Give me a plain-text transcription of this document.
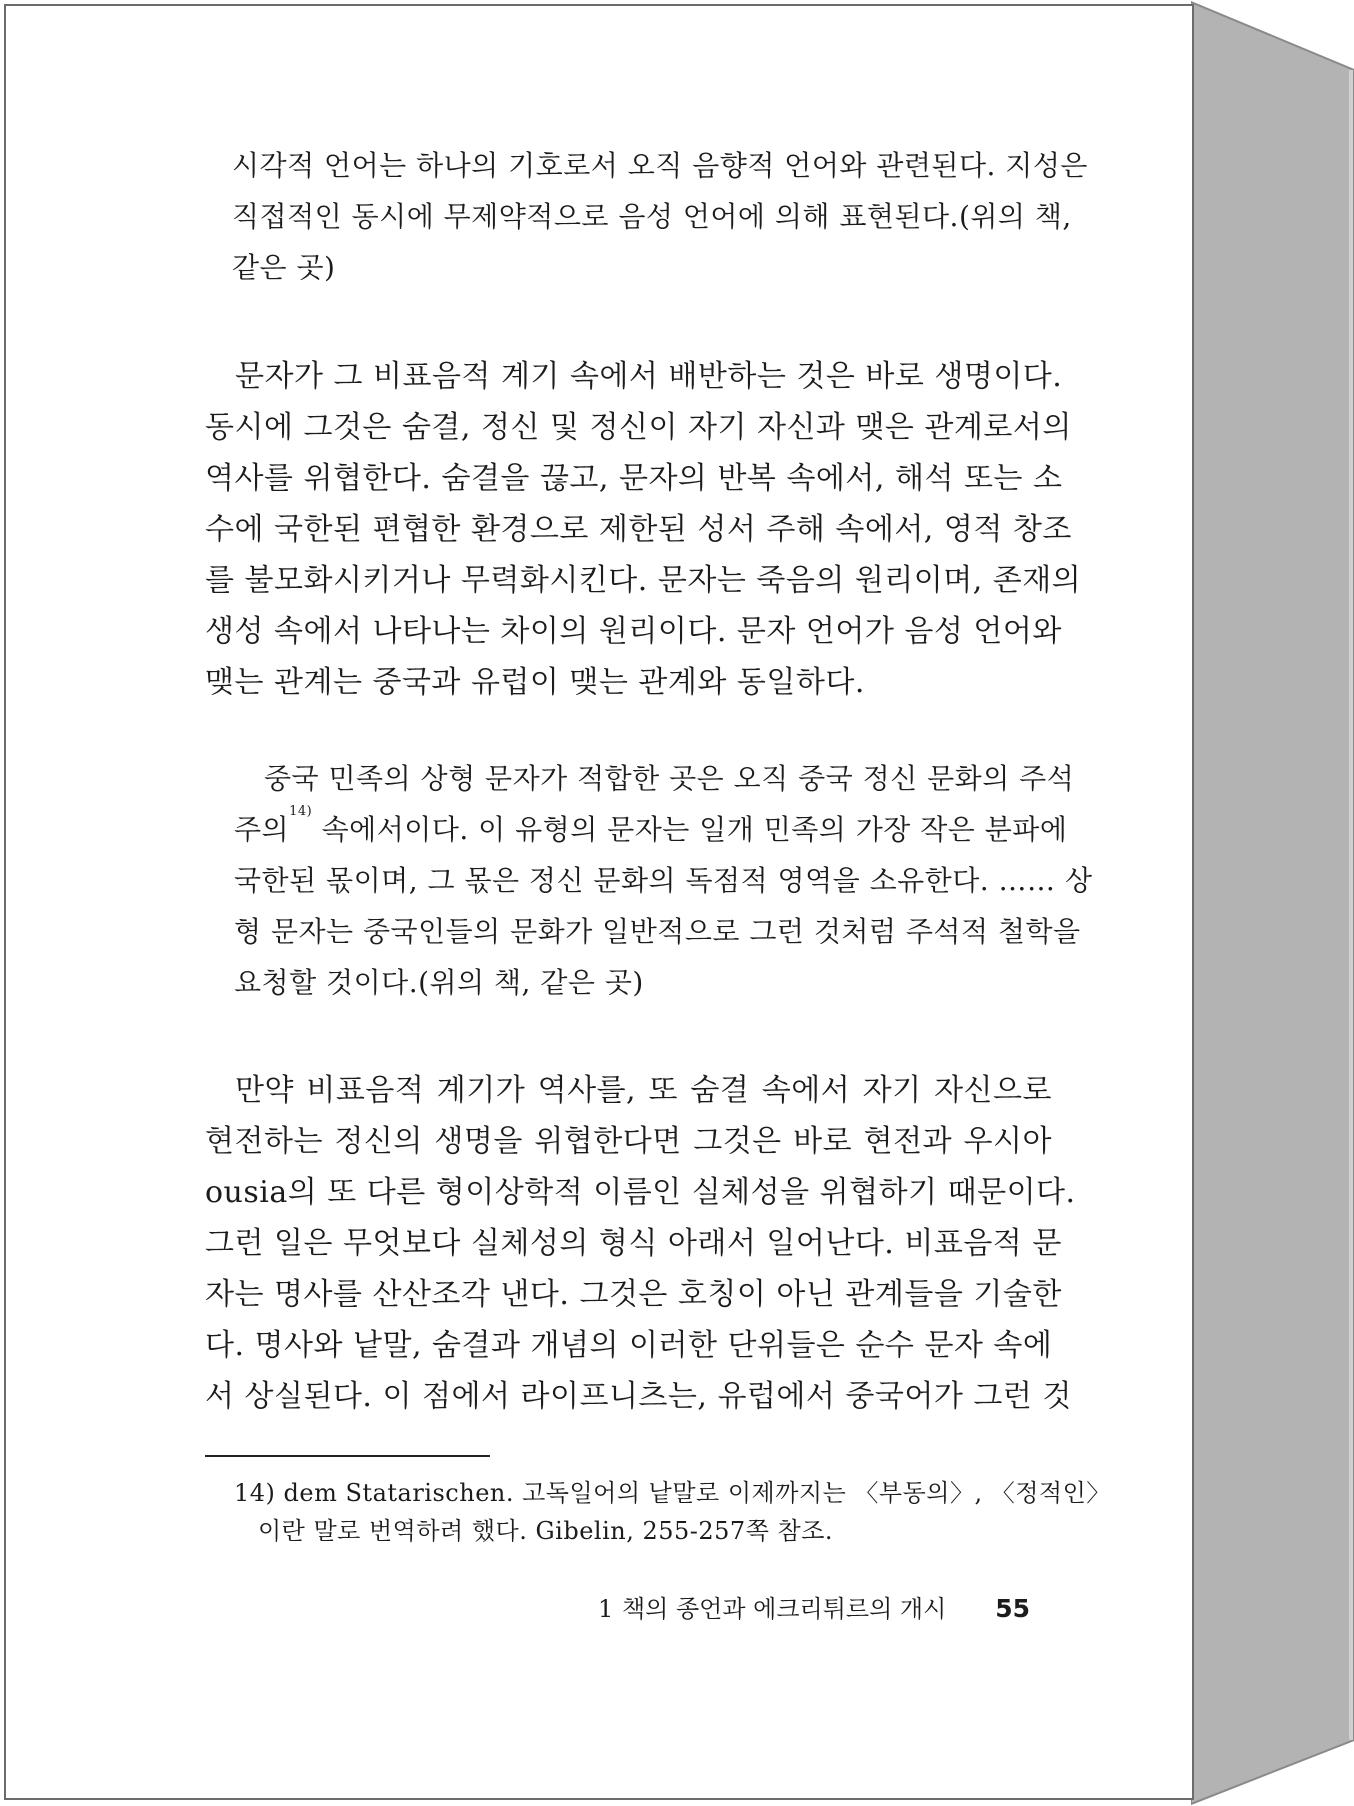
시각적 언어는 하나의 기호로서 오직 음향적 언어와 관련된다. 지성은
직접적인 동시에 무제약적으로 음성 언어에 의해 표현된다.(위의 책,
같은 곳)
문자가 그 비표음적 계기 속에서 배반하는 것은 바로 생명이다.
동시에 그것은 숨결, 정신 및 정신이 자기 자신과 맺은 관계로서의
역사를 위협한다. 숨결을 끊고, 문자의 반복 속에서, 해석 또는 소
수에 국한된 편협한 환경으로 제한된 성서 주해 속에서, 영적 창조
를 불모화시키거나 무력화시킨다. 문자는 죽음의 원리이며, 존재의
생성 속에서 나타나는 차이의 원리이다. 문자 언어가 음성 언어와
맺는 관계는 중국과 유럽이 맺는 관계와 동일하다.
중국 민족의 상형 문자가 적합한 곳은 오직 중국 정신 문화의 주석
주의$^{14)}$ 속에서이다. 이 유형의 문자는 일개 민족의 가장 작은 분파에
국한된 몫이며, 그 몫은 정신 문화의 독점적 영역을 소유한다. …… 상
형 문자는 중국인들의 문화가 일반적으로 그런 것처럼 주석적 철학을
요청할 것이다.(위의 책, 같은 곳)
만약 비표음적 계기가 역사를, 또 숨결 속에서 자기 자신으로
현전하는 정신의 생명을 위협한다면 그것은 바로 현전과 우시아
ousia의 또 다른 형이상학적 이름인 실체성을 위협하기 때문이다.
그런 일은 무엇보다 실체성의 형식 아래서 일어난다. 비표음적 문
자는 명사를 산산조각 낸다. 그것은 호칭이 아닌 관계들을 기술한
다. 명사와 낱말, 숨결과 개념의 이러한 단위들은 순수 문자 속에
서 상실된다. 이 점에서 라이프니츠는, 유럽에서 중국어가 그런 것
14) dem Statarischen. 고독일어의 낱말로 이제까지는 〈부동의〉, 〈정적인〉
이란 말로 번역하려 했다. Gibelin, 255-257쪽 참조.
1 책의 종언과 에크리튀르의 개시	55
